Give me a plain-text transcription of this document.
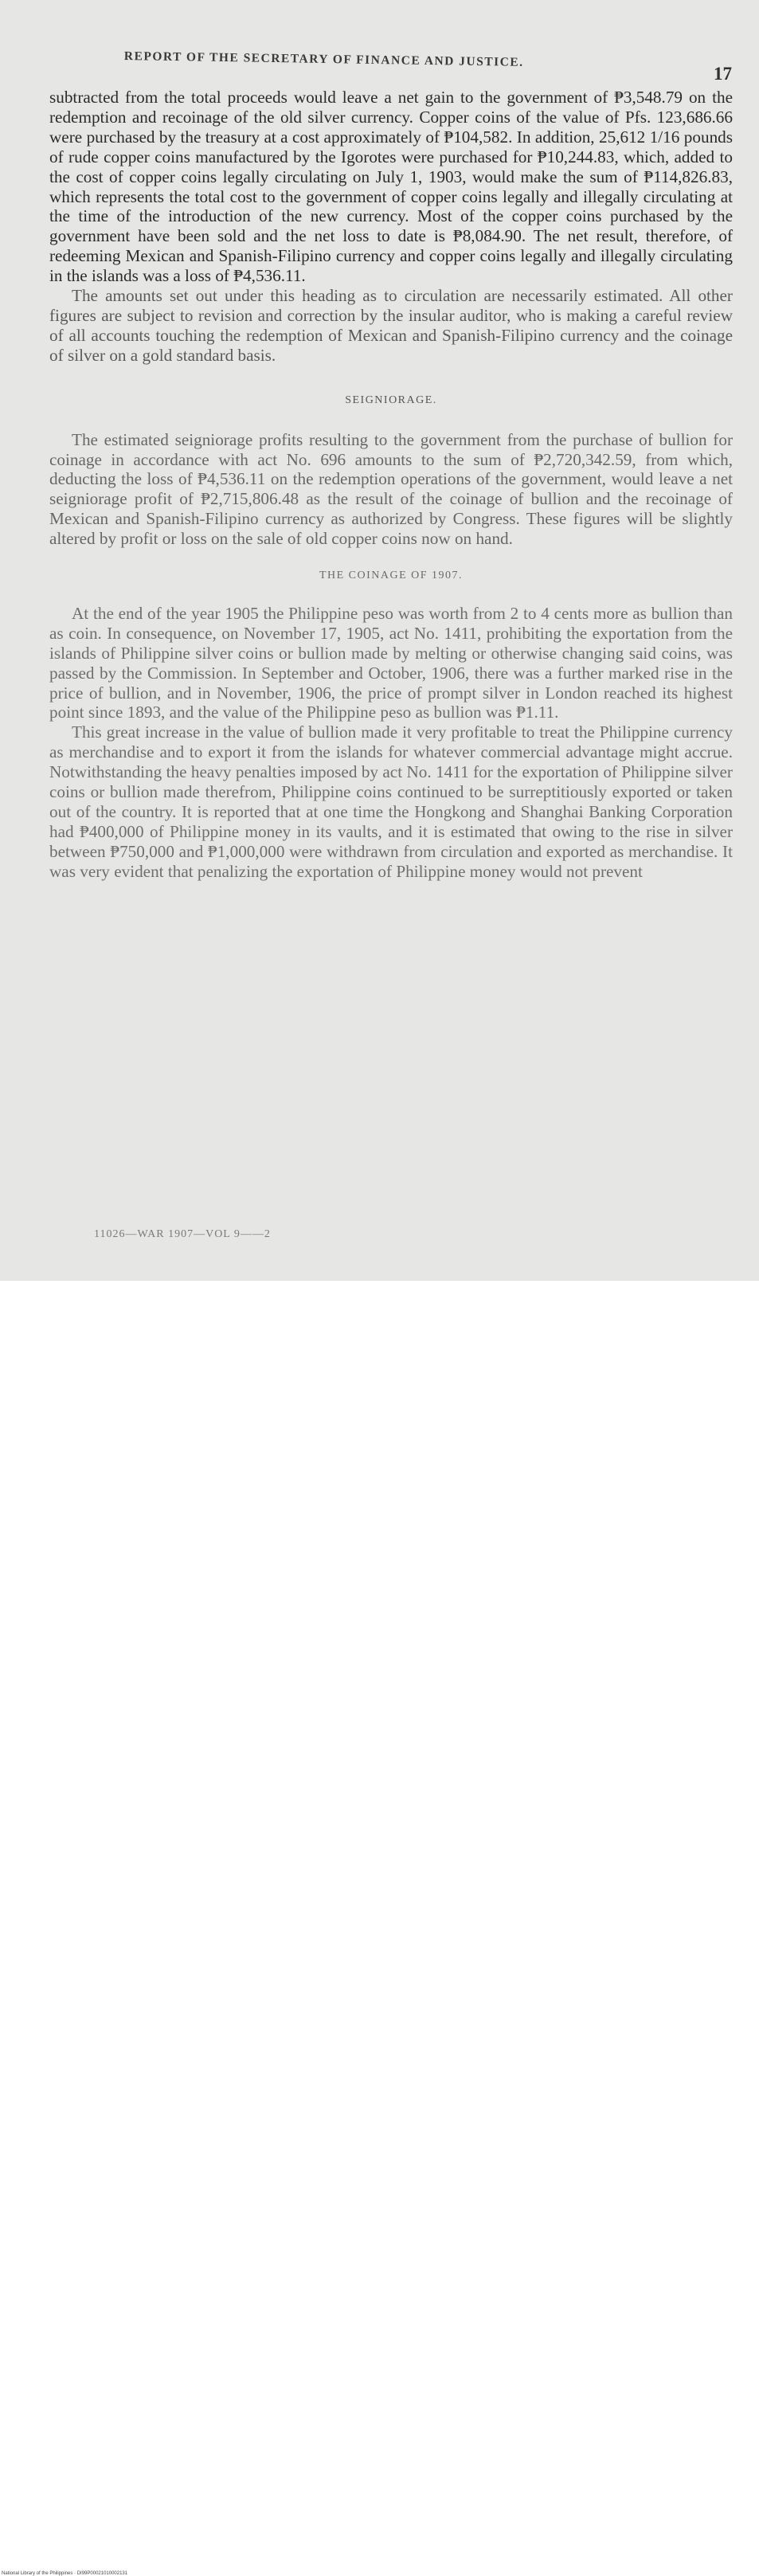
REPORT OF THE SECRETARY OF FINANCE AND JUSTICE.
17

subtracted from the total proceeds would leave a net gain to the government of ₱3,548.79 on the redemption and recoinage of the old silver currency. Copper coins of the value of Pfs. 123,686.66 were purchased by the treasury at a cost approximately of ₱104,582. In addition, 25,612 1/16 pounds of rude copper coins manufactured by the Igorotes were purchased for ₱10,244.83, which, added to the cost of copper coins legally circulating on July 1, 1903, would make the sum of ₱114,826.83, which represents the total cost to the government of copper coins legally and illegally circulating at the time of the introduction of the new currency. Most of the copper coins purchased by the government have been sold and the net loss to date is ₱8,084.90. The net result, therefore, of redeeming Mexican and Spanish-Filipino currency and copper coins legally and illegally circulating in the islands was a loss of ₱4,536.11.

The amounts set out under this heading as to circulation are necessarily estimated. All other figures are subject to revision and correction by the insular auditor, who is making a careful review of all accounts touching the redemption of Mexican and Spanish-Filipino currency and the coinage of silver on a gold standard basis.

SEIGNIORAGE.

The estimated seigniorage profits resulting to the government from the purchase of bullion for coinage in accordance with act No. 696 amounts to the sum of ₱2,720,342.59, from which, deducting the loss of ₱4,536.11 on the redemption operations of the government, would leave a net seigniorage profit of ₱2,715,806.48 as the result of the coinage of bullion and the recoinage of Mexican and Spanish-Filipino currency as authorized by Congress. These figures will be slightly altered by profit or loss on the sale of old copper coins now on hand.

THE COINAGE OF 1907.

At the end of the year 1905 the Philippine peso was worth from 2 to 4 cents more as bullion than as coin. In consequence, on November 17, 1905, act No. 1411, prohibiting the exportation from the islands of Philippine silver coins or bullion made by melting or otherwise changing said coins, was passed by the Commission. In September and October, 1906, there was a further marked rise in the price of bullion, and in November, 1906, the price of prompt silver in London reached its highest point since 1893, and the value of the Philippine peso as bullion was ₱1.11.

This great increase in the value of bullion made it very profitable to treat the Philippine currency as merchandise and to export it from the islands for whatever commercial advantage might accrue. Notwithstanding the heavy penalties imposed by act No. 1411 for the exportation of Philippine silver coins or bullion made therefrom, Philippine coins continued to be surreptitiously exported or taken out of the country. It is reported that at one time the Hongkong and Shanghai Banking Corporation had ₱400,000 of Philippine money in its vaults, and it is estimated that owing to the rise in silver between ₱750,000 and ₱1,000,000 were withdrawn from circulation and exported as merchandise. It was very evident that penalizing the exportation of Philippine money would not prevent

11026—WAR 1907—VOL 9——2
National Library of the Philippines · DI99P00021010002131
